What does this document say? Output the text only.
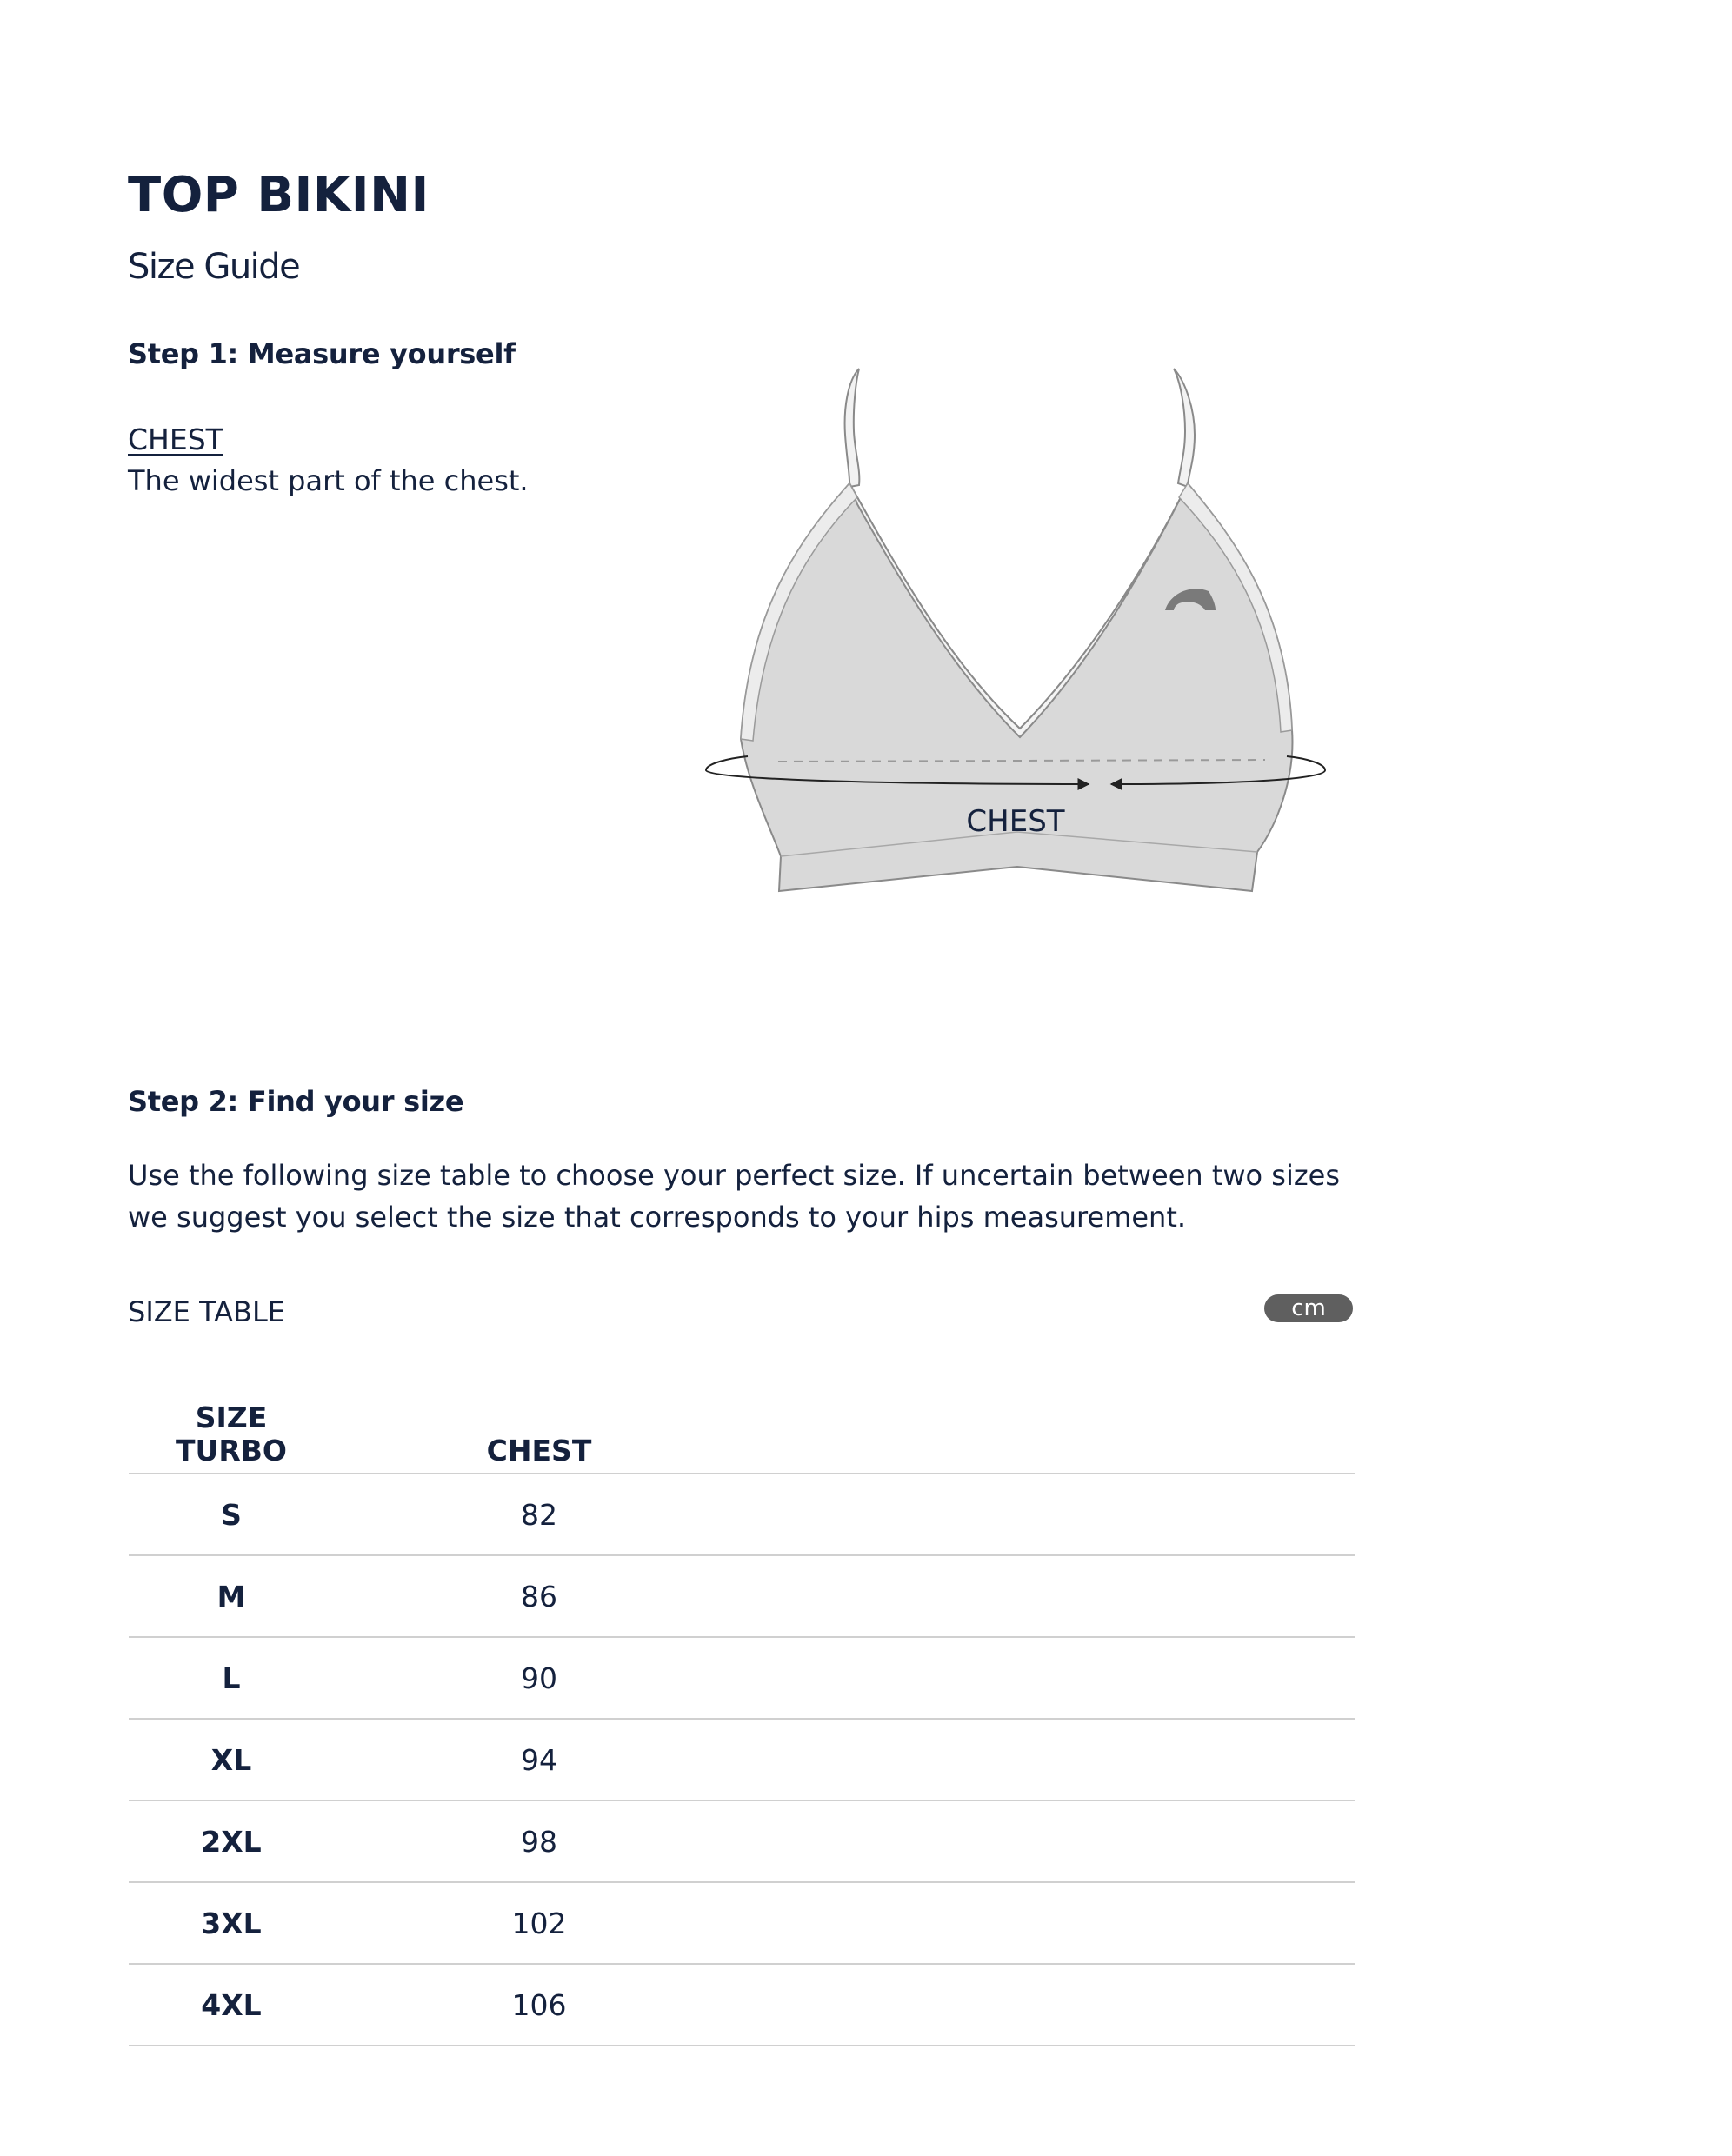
TOP BIKINI
Size Guide
Step 1: Measure yourself
CHEST
The widest part of the chest.
CHEST
Step 2: Find your size
Use the following size table to choose your perfect size. If uncertain between two sizes we suggest you select the size that corresponds to your hips measurement.
SIZE TABLE	cm
SIZE
TURBO	CHEST	
S	82	
M	86	
L	90	
XL	94	
2XL	98	
3XL	102	
4XL	106	
